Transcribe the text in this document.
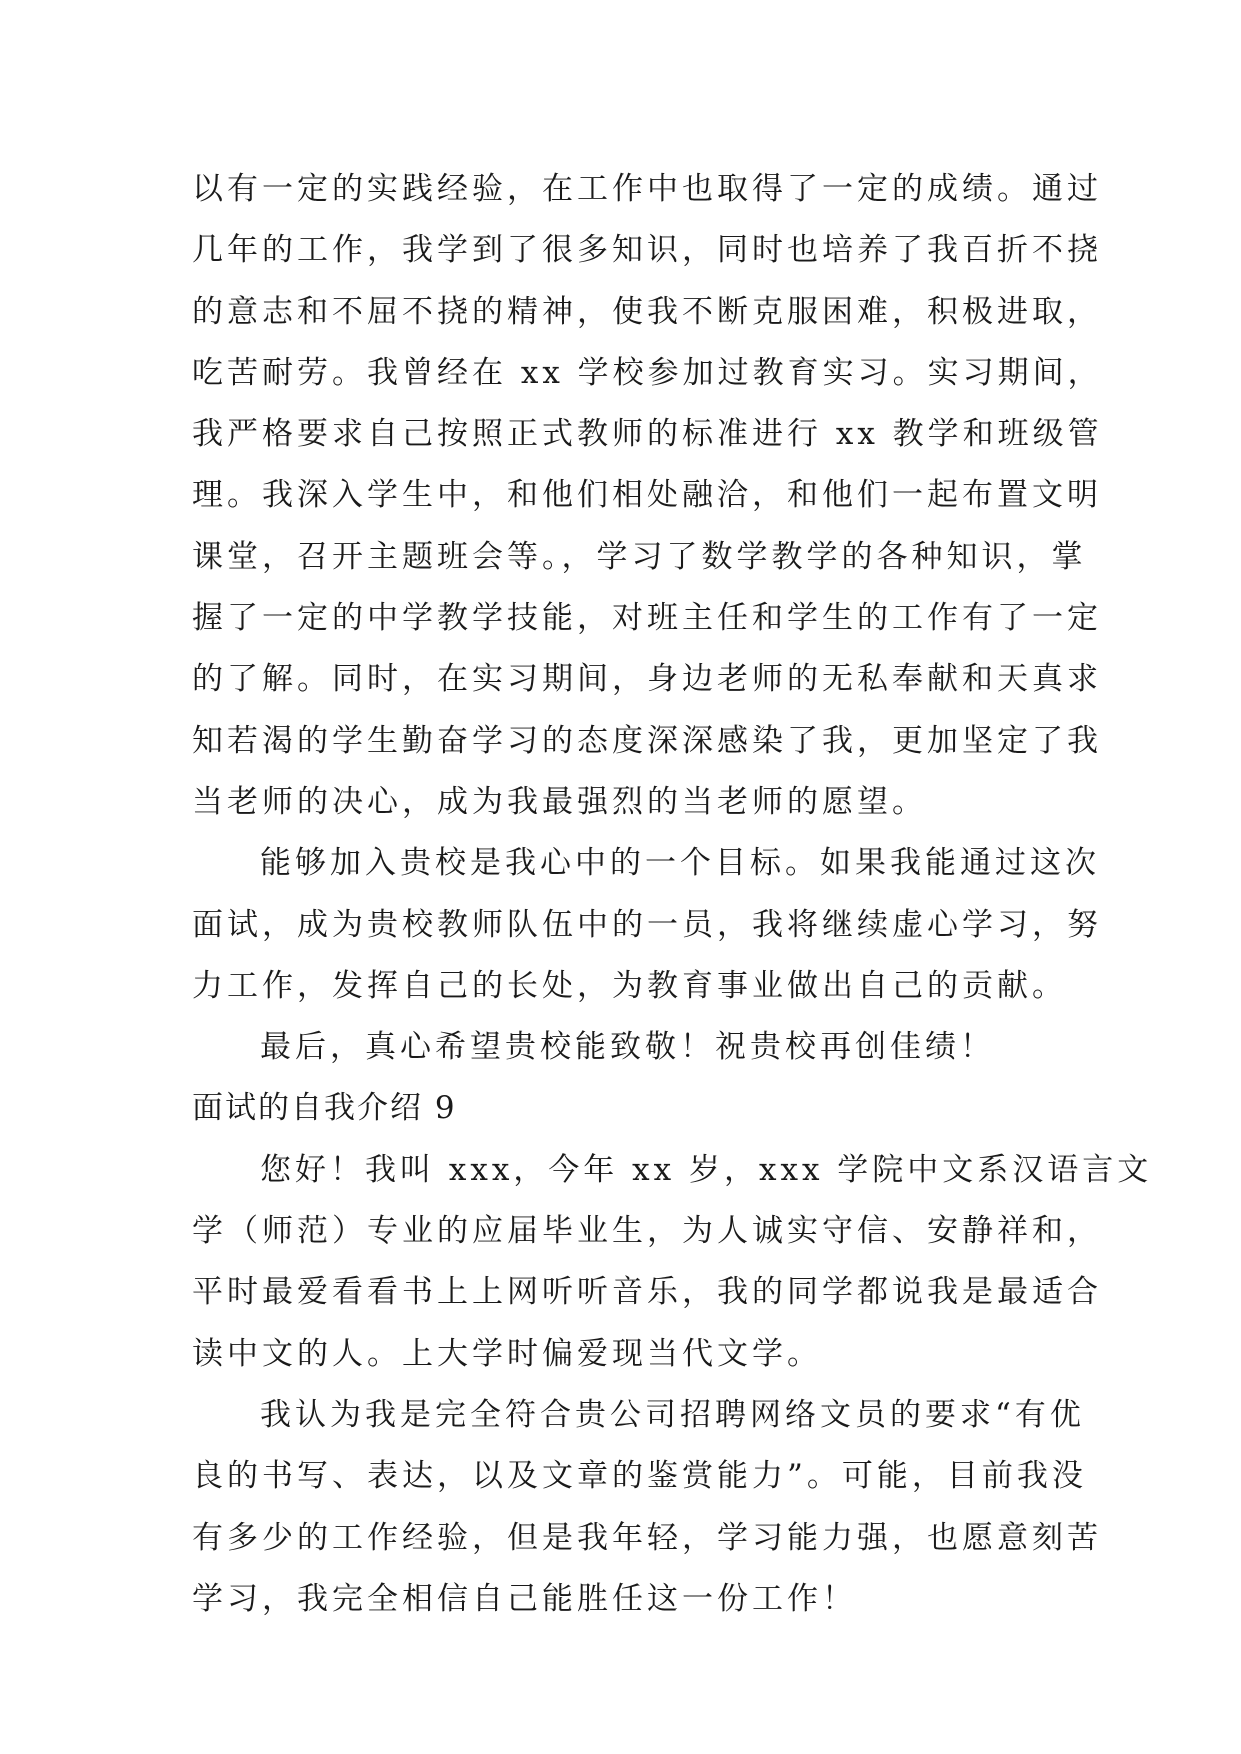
以有一定的实践经验，在工作中也取得了一定的成绩。通过
几年的工作，我学到了很多知识，同时也培养了我百折不挠
的意志和不屈不挠的精神，使我不断克服困难，积极进取，
吃苦耐劳。我曾经在 xx 学校参加过教育实习。实习期间，
我严格要求自己按照正式教师的标准进行 xx 教学和班级管
理。我深入学生中，和他们相处融洽，和他们一起布置文明
课堂，召开主题班会等。，学习了数学教学的各种知识，掌
握了一定的中学教学技能，对班主任和学生的工作有了一定
的了解。同时，在实习期间，身边老师的无私奉献和天真求
知若渴的学生勤奋学习的态度深深感染了我，更加坚定了我
当老师的决心，成为我最强烈的当老师的愿望。
能够加入贵校是我心中的一个目标。如果我能通过这次
面试，成为贵校教师队伍中的一员，我将继续虚心学习，努
力工作，发挥自己的长处，为教育事业做出自己的贡献。
最后，真心希望贵校能致敬！祝贵校再创佳绩！
面试的自我介绍 9
您好！我叫 xxx，今年 xx 岁，xxx 学院中文系汉语言文
学（师范）专业的应届毕业生，为人诚实守信、安静祥和，
平时最爱看看书上上网听听音乐，我的同学都说我是最适合
读中文的人。上大学时偏爱现当代文学。
我认为我是完全符合贵公司招聘网络文员的要求“有优
良的书写、表达，以及文章的鉴赏能力”。可能，目前我没
有多少的工作经验，但是我年轻，学习能力强，也愿意刻苦
学习，我完全相信自己能胜任这一份工作！
